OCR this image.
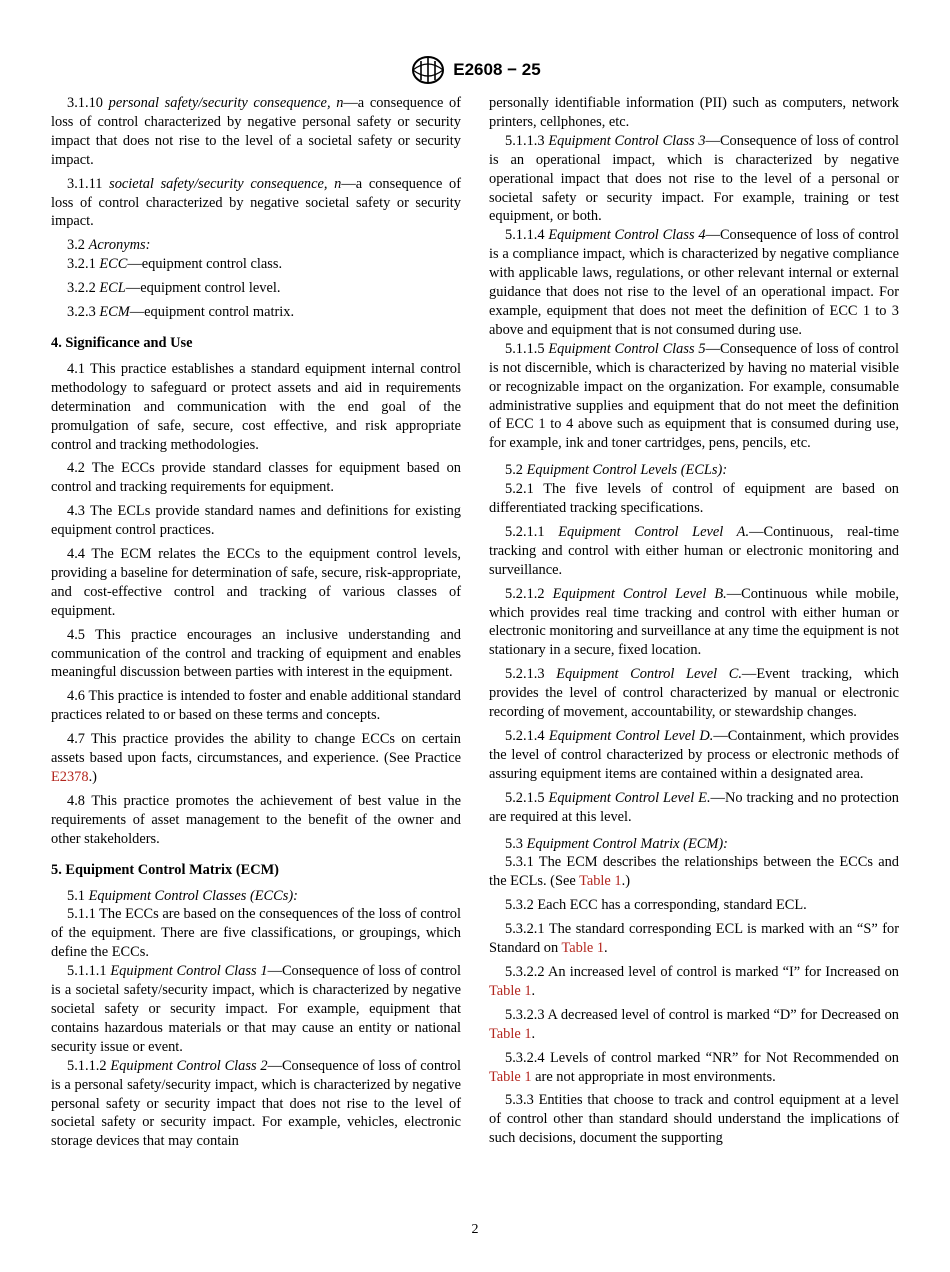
E2608 − 25

3.1.10 personal safety/security consequence, n—a consequence of loss of control characterized by negative personal safety or security impact that does not rise to the level of a societal safety or security impact.

3.1.11 societal safety/security consequence, n—a consequence of loss of control characterized by negative societal safety or security impact.

3.2 Acronyms:

3.2.1 ECC—equipment control class.

3.2.2 ECL—equipment control level.

3.2.3 ECM—equipment control matrix.

4. Significance and Use

4.1 This practice establishes a standard equipment internal control methodology to safeguard or protect assets and aid in requirements determination and communication with the end goal of the promulgation of safe, secure, cost effective, and risk appropriate control and tracking methodologies.

4.2 The ECCs provide standard classes for equipment based on control and tracking requirements for equipment.

4.3 The ECLs provide standard names and definitions for existing equipment control practices.

4.4 The ECM relates the ECCs to the equipment control levels, providing a baseline for determination of safe, secure, risk-appropriate, and cost-effective control and tracking of various classes of equipment.

4.5 This practice encourages an inclusive understanding and communication of the control and tracking of equipment and enables meaningful discussion between parties with interest in the equipment.

4.6 This practice is intended to foster and enable additional standard practices related to or based on these terms and concepts.

4.7 This practice provides the ability to change ECCs on certain assets based upon facts, circumstances, and experience. (See Practice E2378.)

4.8 This practice promotes the achievement of best value in the requirements of asset management to the benefit of the owner and other stakeholders.

5. Equipment Control Matrix (ECM)

5.1 Equipment Control Classes (ECCs):

5.1.1 The ECCs are based on the consequences of the loss of control of the equipment. There are five classifications, or groupings, which define the ECCs.

5.1.1.1 Equipment Control Class 1—Consequence of loss of control is a societal safety/security impact, which is characterized by negative societal safety or security impact. For example, equipment that contains hazardous materials or that may cause an entity or national security issue or event.

5.1.1.2 Equipment Control Class 2—Consequence of loss of control is a personal safety/security impact, which is characterized by negative personal safety or security impact that does not rise to the level of societal safety or security impact. For example, vehicles, electronic storage devices that may contain

personally identifiable information (PII) such as computers, network printers, cellphones, etc.

5.1.1.3 Equipment Control Class 3—Consequence of loss of control is an operational impact, which is characterized by negative operational impact that does not rise to the level of a personal or societal safety or security impact. For example, training or test equipment, or both.

5.1.1.4 Equipment Control Class 4—Consequence of loss of control is a compliance impact, which is characterized by negative compliance with applicable laws, regulations, or other relevant internal or external guidance that does not rise to the level of an operational impact. For example, equipment that does not meet the definition of ECC 1 to 3 above and equipment that is not consumed during use.

5.1.1.5 Equipment Control Class 5—Consequence of loss of control is not discernible, which is characterized by having no material visible or recognizable impact on the organization. For example, consumable administrative supplies and equipment that do not meet the definition of ECC 1 to 4 above such as equipment that is consumed during use, for example, ink and toner cartridges, pens, pencils, etc.

5.2 Equipment Control Levels (ECLs):

5.2.1 The five levels of control of equipment are based on differentiated tracking specifications.

5.2.1.1 Equipment Control Level A.—Continuous, real-time tracking and control with either human or electronic monitoring and surveillance.

5.2.1.2 Equipment Control Level B.—Continuous while mobile, which provides real time tracking and control with either human or electronic monitoring and surveillance at any time the equipment is not stationary in a secure, fixed location.

5.2.1.3 Equipment Control Level C.—Event tracking, which provides the level of control characterized by manual or electronic recording of movement, accountability, or stewardship changes.

5.2.1.4 Equipment Control Level D.—Containment, which provides the level of control characterized by process or electronic methods of assuring equipment items are contained within a designated area.

5.2.1.5 Equipment Control Level E.—No tracking and no protection are required at this level.

5.3 Equipment Control Matrix (ECM):

5.3.1 The ECM describes the relationships between the ECCs and the ECLs. (See Table 1.)

5.3.2 Each ECC has a corresponding, standard ECL.

5.3.2.1 The standard corresponding ECL is marked with an “S” for Standard on Table 1.

5.3.2.2 An increased level of control is marked “I” for Increased on Table 1.

5.3.2.3 A decreased level of control is marked “D” for Decreased on Table 1.

5.3.2.4 Levels of control marked “NR” for Not Recommended on Table 1 are not appropriate in most environments.

5.3.3 Entities that choose to track and control equipment at a level of control other than standard should understand the implications of such decisions, document the supporting

2
